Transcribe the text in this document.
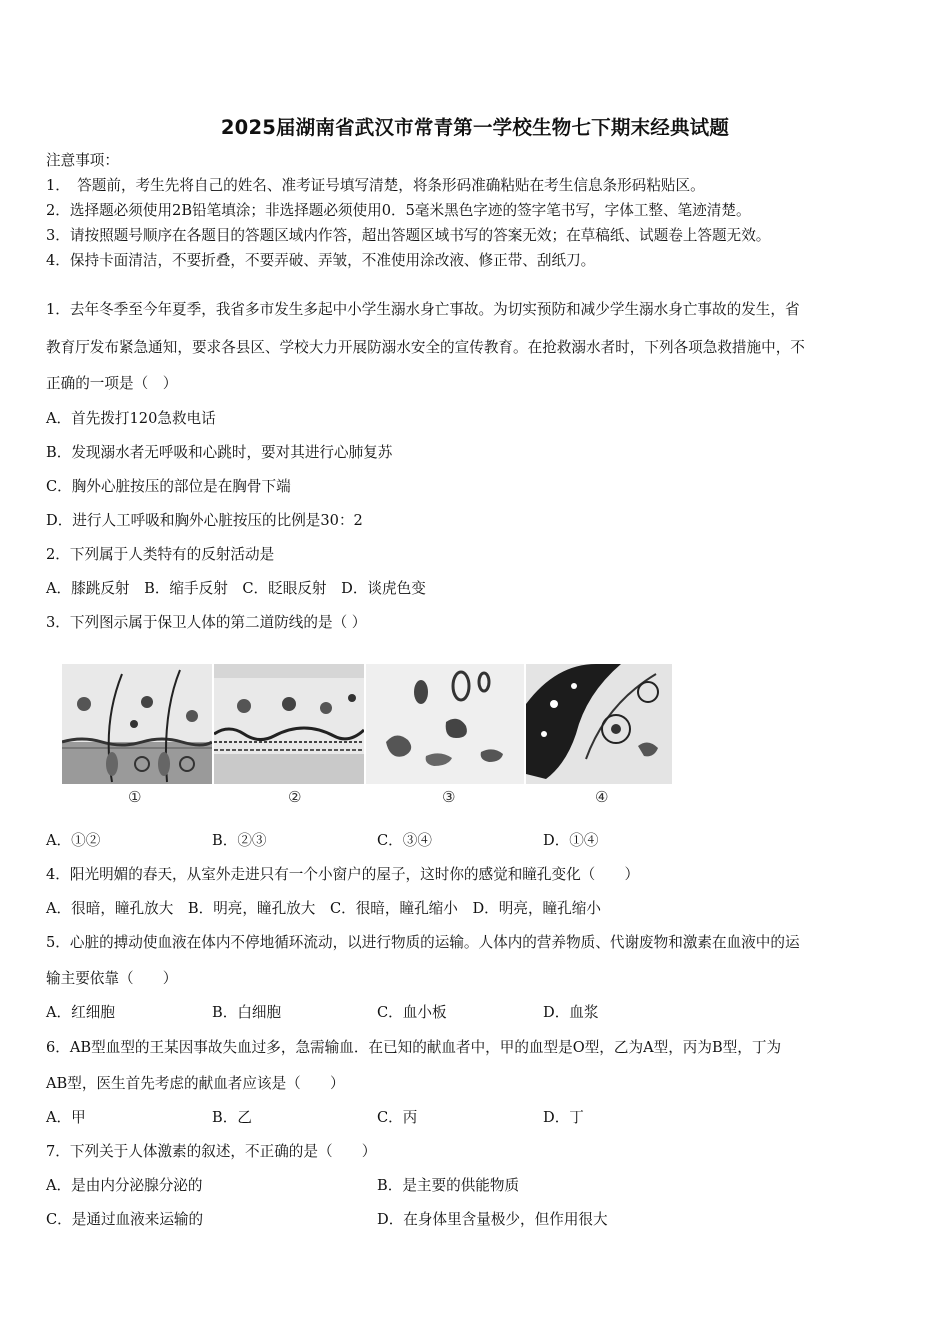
2025届湖南省武汉市常青第一学校生物七下期末经典试题
注意事项：
1．　答题前，考生先将自己的姓名、准考证号填写清楚，将条形码准确粘贴在考生信息条形码粘贴区。
2．选择题必须使用2B铅笔填涂；非选择题必须使用0．5毫米黑色字迹的签字笔书写，字体工整、笔迹清楚。
3．请按照题号顺序在各题目的答题区域内作答，超出答题区域书写的答案无效；在草稿纸、试题卷上答题无效。
4．保持卡面清洁，不要折叠，不要弄破、弄皱，不准使用涂改液、修正带、刮纸刀。
1．去年冬季至今年夏季，我省多市发生多起中小学生溺水身亡事故。为切实预防和减少学生溺水身亡事故的发生，省
教育厅发布紧急通知，要求各县区、学校大力开展防溺水安全的宣传教育。在抢救溺水者时，下列各项急救措施中，不
正确的一项是（　）
A．首先拨打120急救电话
B．发现溺水者无呼吸和心跳时，要对其进行心肺复苏
C．胸外心脏按压的部位是在胸骨下端
D．进行人工呼吸和胸外心脏按压的比例是30：2
2．下列属于人类特有的反射活动是
A．膝跳反射　B．缩手反射　C．眨眼反射　D．谈虎色变
3．下列图示属于保卫人体的第二道防线的是（ ）
①	②	③	④
A．①②	B．②③	C．③④	D．①④
4．阳光明媚的春天，从室外走进只有一个小窗户的屋子，这时你的感觉和瞳孔变化（　　）
A．很暗，瞳孔放大　B．明亮，瞳孔放大　C．很暗，瞳孔缩小　D．明亮，瞳孔缩小
5．心脏的搏动使血液在体内不停地循环流动，以进行物质的运输。人体内的营养物质、代谢废物和激素在血液中的运
输主要依靠（　　）
A．红细胞	B．白细胞	C．血小板	D．血浆
6．AB型血型的王某因事故失血过多，急需输血．在已知的献血者中，甲的血型是O型，乙为A型，丙为B型，丁为
AB型，医生首先考虑的献血者应该是（　　）
A．甲	B．乙	C．丙	D．丁
7．下列关于人体激素的叙述，不正确的是（　　）
A．是由内分泌腺分泌的	B．是主要的供能物质
C．是通过血液来运输的	D．在身体里含量极少，但作用很大
